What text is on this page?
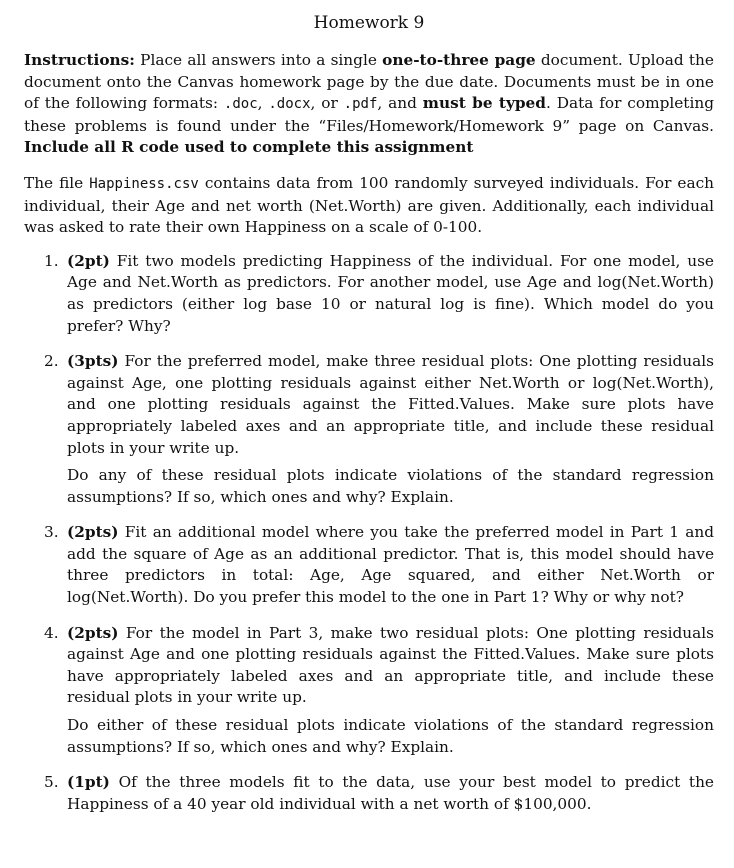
Homework 9

Instructions: Place all answers into a single one-to-three page document. Upload the document onto the Canvas homework page by the due date. Documents must be in one of the following formats: .doc, .docx, or .pdf, and must be typed. Data for completing these problems is found under the “Files/Homework/Homework 9” page on Canvas. Include all R code used to complete this assignment

The file Happiness.csv contains data from 100 randomly surveyed individuals. For each individual, their Age and net worth (Net.Worth) are given. Additionally, each individual was asked to rate their own Happiness on a scale of 0-100.

1. (2pt) Fit two models predicting Happiness of the individual. For one model, use Age and Net.Worth as predictors. For another model, use Age and log(Net.Worth) as predictors (either log base 10 or natural log is fine). Which model do you prefer? Why?

2. (3pts) For the preferred model, make three residual plots: One plotting residuals against Age, one plotting residuals against either Net.Worth or log(Net.Worth), and one plotting residuals against the Fitted.Values. Make sure plots have appropriately labeled axes and an appropriate title, and include these residual plots in your write up.

Do any of these residual plots indicate violations of the standard regression assumptions? If so, which ones and why? Explain.

3. (2pts) Fit an additional model where you take the preferred model in Part 1 and add the square of Age as an additional predictor. That is, this model should have three predictors in total: Age, Age squared, and either Net.Worth or log(Net.Worth). Do you prefer this model to the one in Part 1? Why or why not?

4. (2pts) For the model in Part 3, make two residual plots: One plotting residuals against Age and one plotting residuals against the Fitted.Values. Make sure plots have appropriately labeled axes and an appropriate title, and include these residual plots in your write up.

Do either of these residual plots indicate violations of the standard regression assumptions? If so, which ones and why? Explain.

5. (1pt) Of the three models fit to the data, use your best model to predict the Happiness of a 40 year old individual with a net worth of $100,000.
